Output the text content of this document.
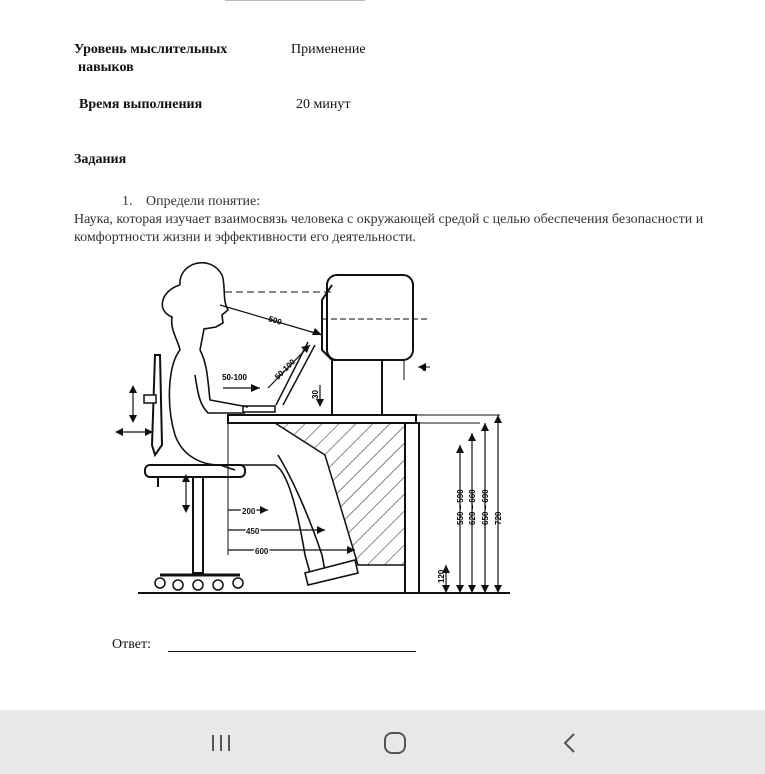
Уровень мыслительных
навыков
Применение
Время выполнения	20 минут
Задания
1. Определи понятие:
Наука, которая изучает взаимосвязь человека с окружающей средой с целью обеспечения безопасности и комфортности жизни и эффективности его деятельности.
500
50-100
50-100
30
0
200
450
600
120
550 – 590 620 – 660 650 – 690 720
Ответ:
